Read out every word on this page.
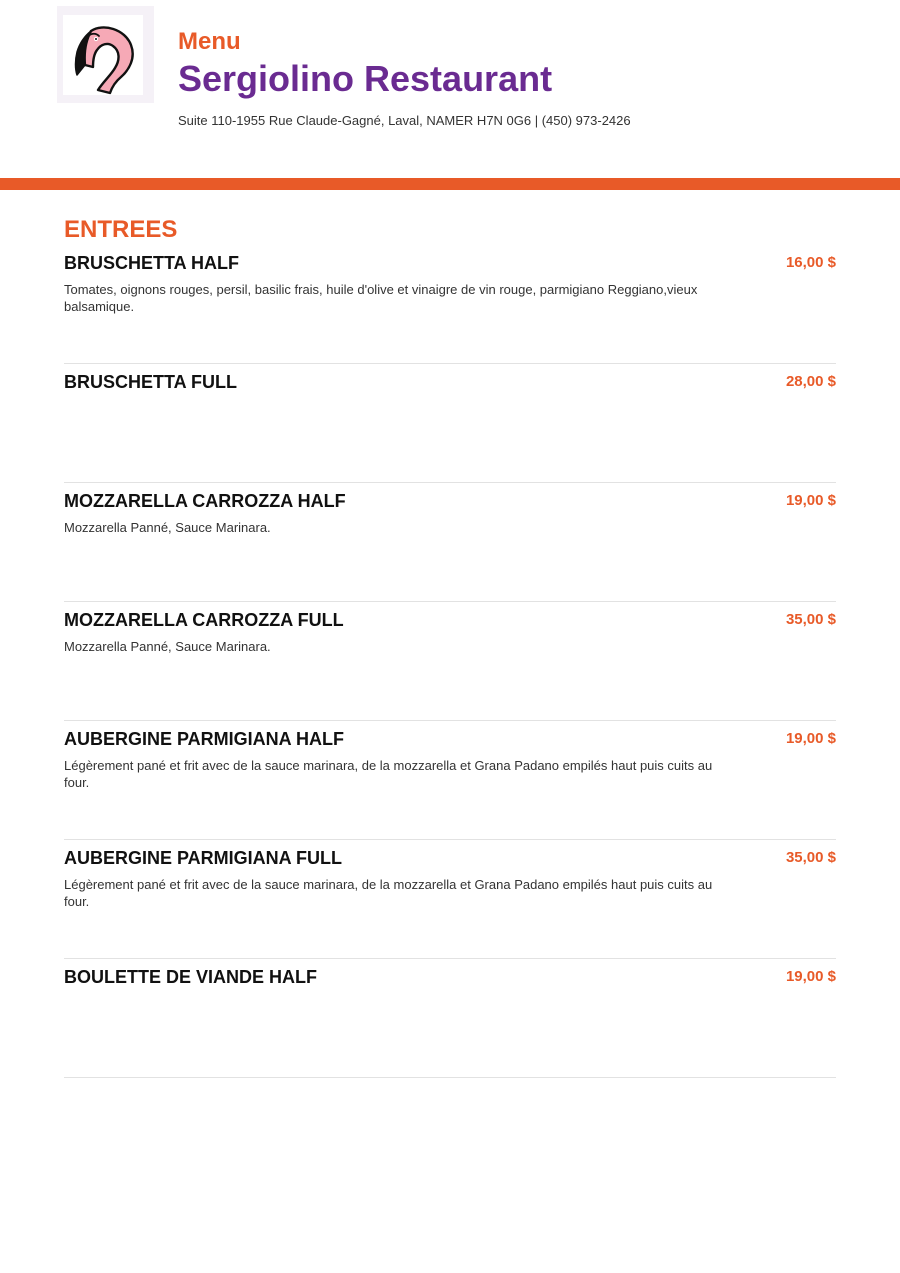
Menu
Sergiolino Restaurant
Suite 110-1955 Rue Claude-Gagné, Laval, NAMER H7N 0G6 | (450) 973-2426
ENTREES
BRUSCHETTA HALF	16,00 $
Tomates, oignons rouges, persil, basilic frais, huile d'olive et vinaigre de vin rouge, parmigiano Reggiano,vieux balsamique.
BRUSCHETTA FULL	28,00 $
MOZZARELLA CARROZZA HALF	19,00 $
Mozzarella Panné, Sauce Marinara.
MOZZARELLA CARROZZA FULL	35,00 $
Mozzarella Panné, Sauce Marinara.
AUBERGINE PARMIGIANA HALF	19,00 $
Légèrement pané et frit avec de la sauce marinara, de la mozzarella et Grana Padano empilés haut puis cuits au four.
AUBERGINE PARMIGIANA FULL	35,00 $
Légèrement pané et frit avec de la sauce marinara, de la mozzarella et Grana Padano empilés haut puis cuits au four.
BOULETTE DE VIANDE HALF	19,00 $
